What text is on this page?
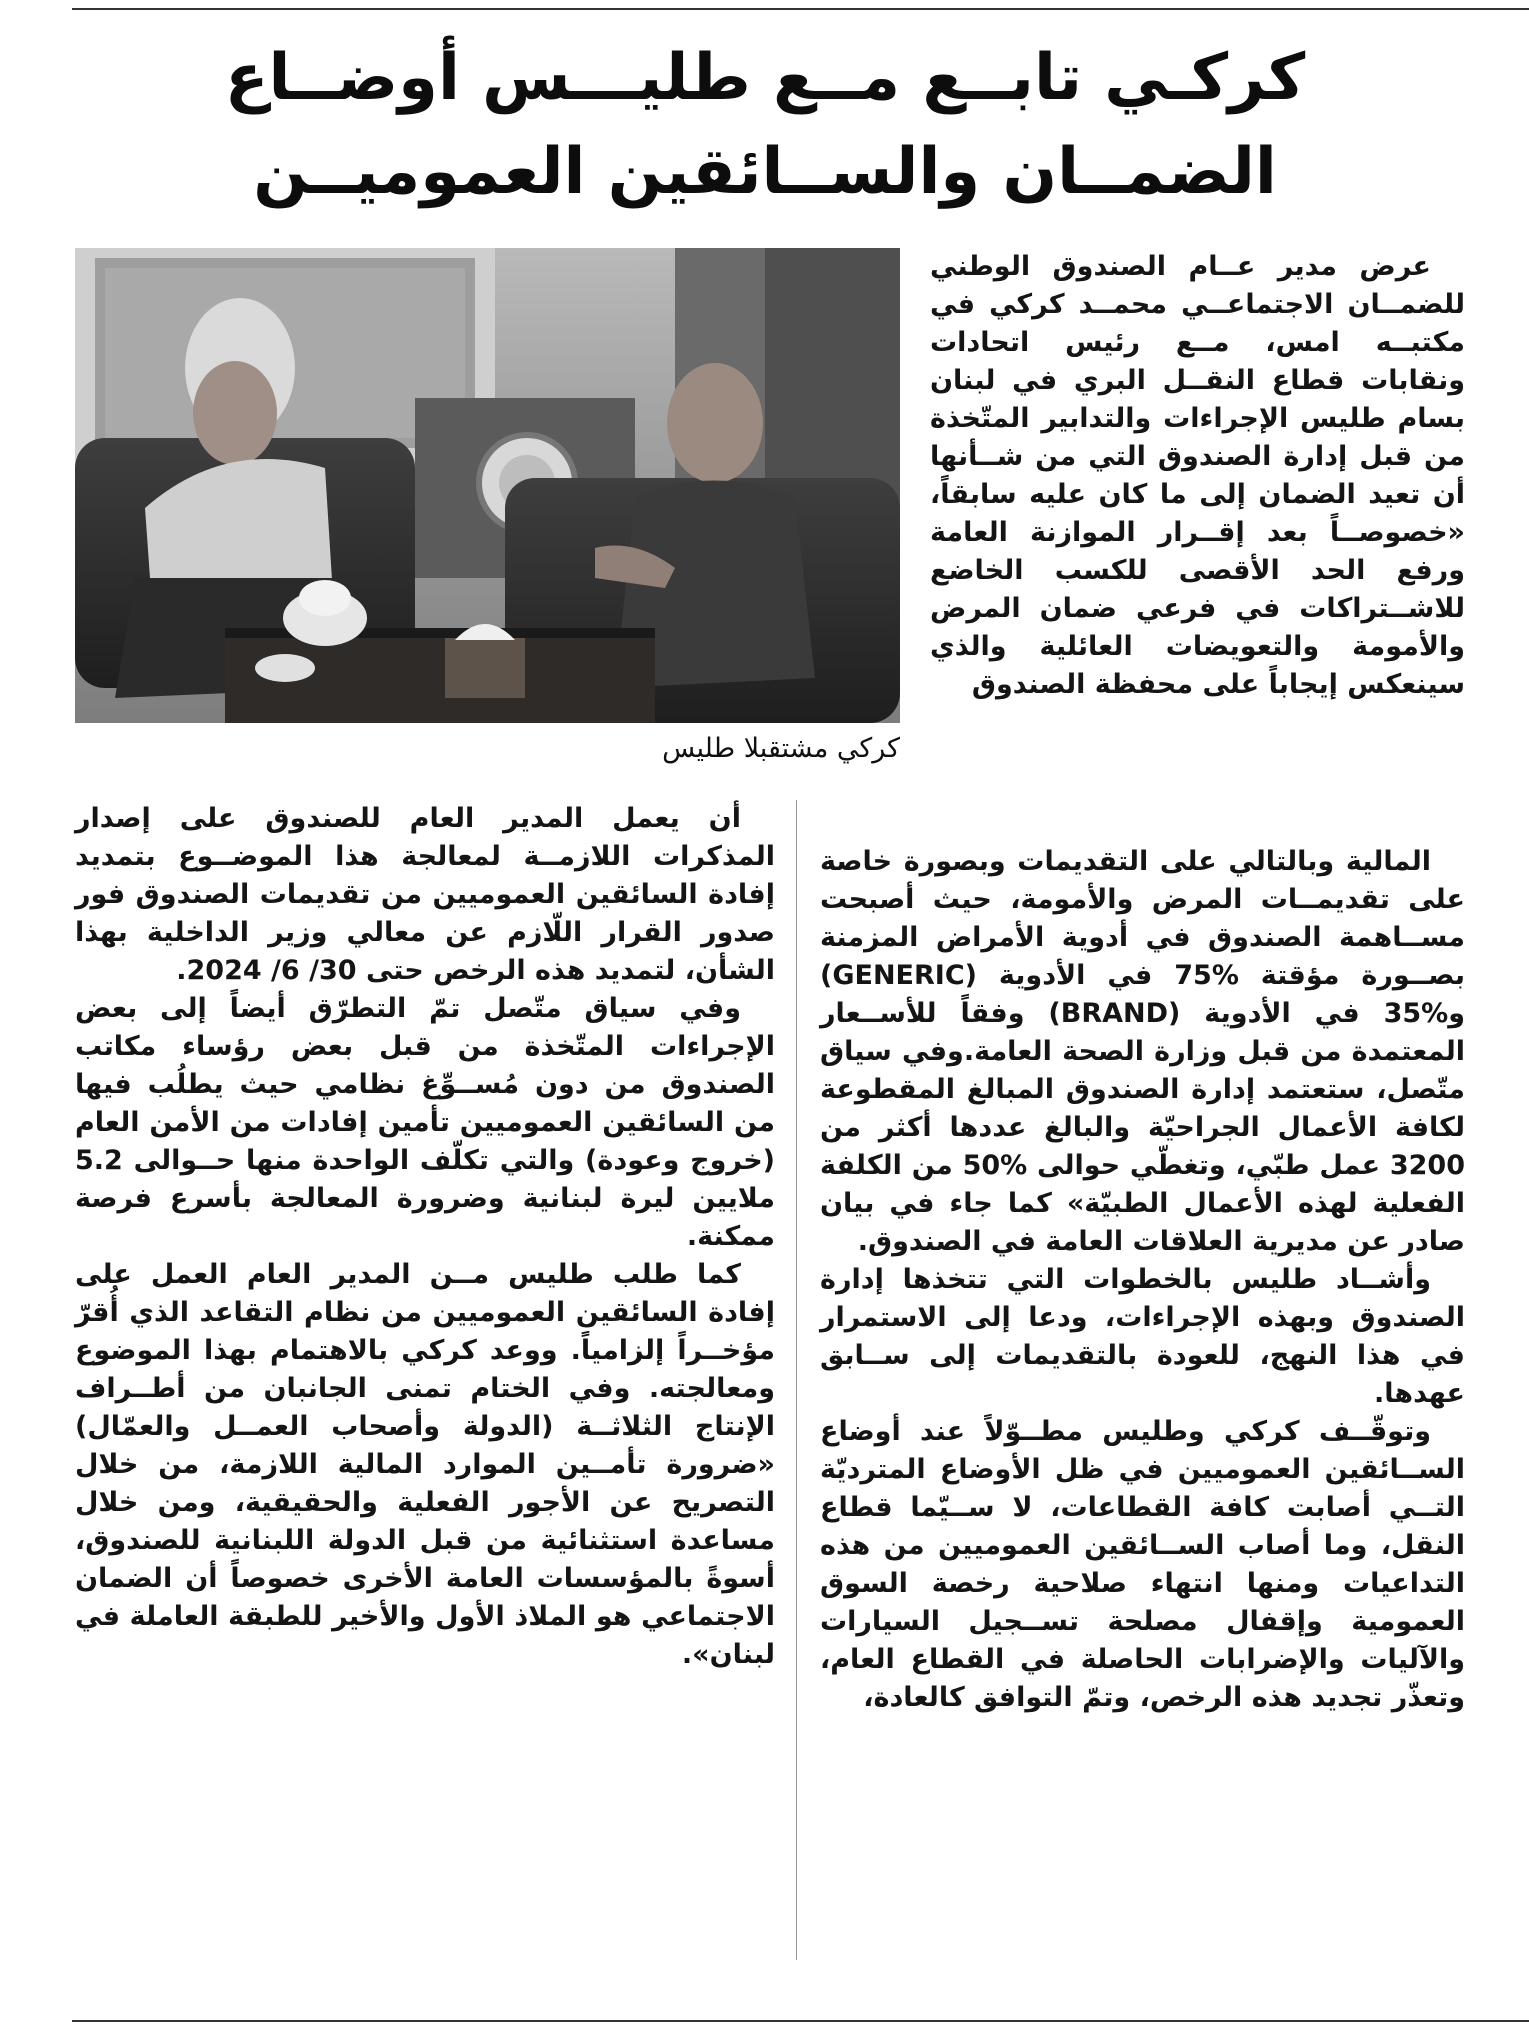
كركـي تابــع مــع طليـــس أوضــاع
الضمــان والســائقين العموميــن
كركي مشتقبلا طليس

عرض مدير عــام الصندوق الوطني للضمــان الاجتماعــي محمــد كركي في مكتبــه امس، مــع رئيس اتحادات ونقابات قطاع النقــل البري في لبنان بسام طليس الإجراءات والتدابير المتّخذة من قبل إدارة الصندوق التي من شــأنها أن تعيد الضمان إلى ما كان عليه سابقاً، «خصوصــاً بعد إقــرار الموازنة العامة ورفع الحد الأقصى للكسب الخاضع للاشــتراكات في فرعي ضمان المرض والأمومة والتعويضات العائلية والذي سينعكس إيجاباً على محفظة الصندوق

المالية وبالتالي على التقديمات وبصورة خاصة على تقديمــات المرض والأمومة، حيث أصبحت مســاهمة الصندوق في أدوية الأمراض المزمنة بصــورة مؤقتة %75 في الأدوية (GENERIC) و%35 في الأدوية (BRAND) وفقاً للأســعار المعتمدة من قبل وزارة الصحة العامة.وفي سياق متّصل، ستعتمد إدارة الصندوق المبالغ المقطوعة لكافة الأعمال الجراحيّة والبالغ عددها أكثر من 3200 عمل طبّي، وتغطّي حوالى %50 من الكلفة الفعلية لهذه الأعمال الطبيّة» كما جاء في بيان صادر عن مديرية العلاقات العامة في الصندوق.

وأشــاد طليس بالخطوات التي تتخذها إدارة الصندوق وبهذه الإجراءات، ودعا إلى الاستمرار في هذا النهج، للعودة بالتقديمات إلى ســابق عهدها.

وتوقّــف كركي وطليس مطــوّلاً عند أوضاع الســائقين العموميين في ظل الأوضاع المترديّة التــي أصابت كافة القطاعات، لا ســيّما قطاع النقل، وما أصاب الســائقين العموميين من هذه التداعيات ومنها انتهاء صلاحية رخصة السوق العمومية وإقفال مصلحة تســجيل السيارات والآليات والإضرابات الحاصلة في القطاع العام، وتعذّر تجديد هذه الرخص، وتمّ التوافق كالعادة،

أن يعمل المدير العام للصندوق على إصدار المذكرات اللازمــة لمعالجة هذا الموضــوع بتمديد إفادة السائقين العموميين من تقديمات الصندوق فور صدور القرار اللّازم عن معالي وزير الداخلية بهذا الشأن، لتمديد هذه الرخص حتى 30/ 6/ 2024.

وفي سياق متّصل تمّ التطرّق أيضاً إلى بعض الإجراءات المتّخذة من قبل بعض رؤساء مكاتب الصندوق من دون مُســوِّغ نظامي حيث يطلُب فيها من السائقين العموميين تأمين إفادات من الأمن العام (خروج وعودة) والتي تكلّف الواحدة منها حــوالى 5.2 ملايين ليرة لبنانية وضرورة المعالجة بأسرع فرصة ممكنة.

كما طلب طليس مــن المدير العام العمل على إفادة السائقين العموميين من نظام التقاعد الذي أُقرّ مؤخــراً إلزامياً. ووعد كركي بالاهتمام بهذا الموضوع ومعالجته. وفي الختام تمنى الجانبان من أطــراف الإنتاج الثلاثــة (الدولة وأصحاب العمــل والعمّال) «ضرورة تأمــين الموارد المالية اللازمة، من خلال التصريح عن الأجور الفعلية والحقيقية، ومن خلال مساعدة استثنائية من قبل الدولة اللبنانية للصندوق، أسوةً بالمؤسسات العامة الأخرى خصوصاً أن الضمان الاجتماعي هو الملاذ الأول والأخير للطبقة العاملة في لبنان».
